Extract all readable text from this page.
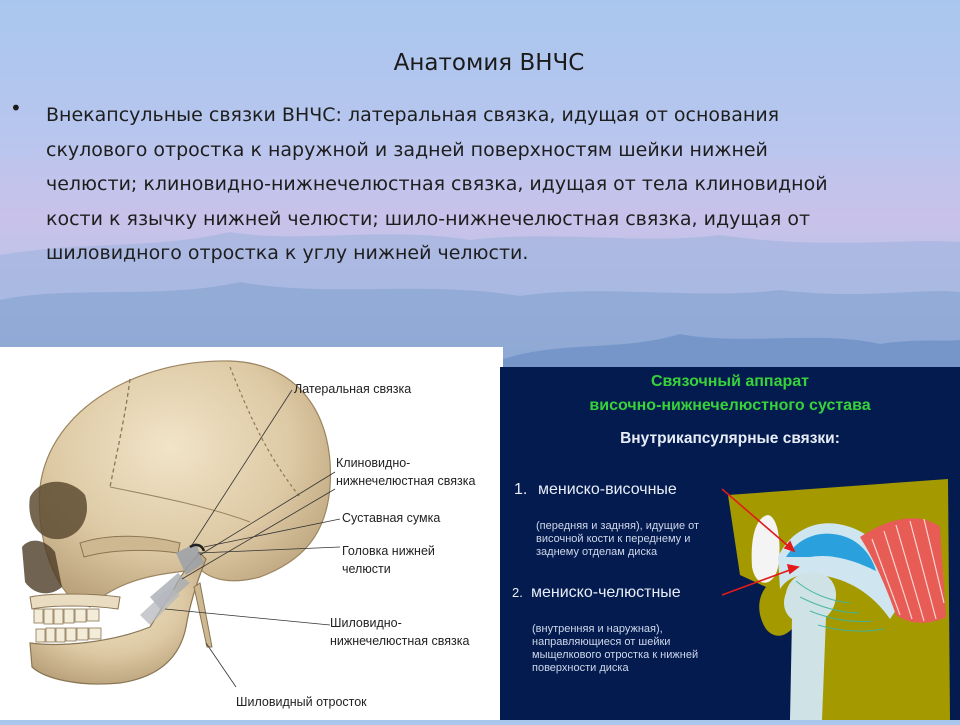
Анатомия ВНЧС
• Внекапсульные связки ВНЧС: латеральная связка, идущая от основания
скулового отростка к наружной и задней поверхностям шейки нижней
челюсти; клиновидно-нижнечелюстная связка, идущая от тела клиновидной
кости к язычку нижней челюсти; шило-нижнечелюстная связка, идущая от
шиловидного отростка к углу нижней челюсти.
Латеральная связка
Клиновидно-
нижнечелюстная связка
Суставная сумка
Головка нижней
челюсти
Шиловидно-
нижнечелюстная связка
Шиловидный отросток
Связочный аппарат
височно-нижнечелюстного сустава
Внутрикапсулярные связки:
1. мениско-височные
(передняя и задняя), идущие от
височной кости к переднему и
заднему отделам диска
2. мениско-челюстные
(внутренняя и наружная),
направляющиеся от шейки
мыщелкового отростка к нижней
поверхности диска
